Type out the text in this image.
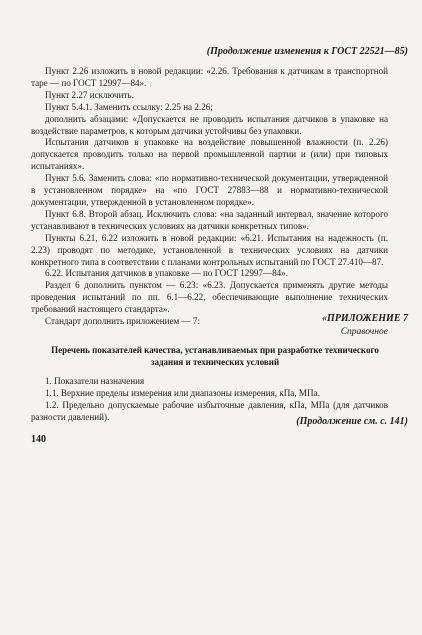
(Продолжение изменения к ГОСТ 22521—85)

Пункт 2.26 изложить в новой редакции: «2.26. Требования к датчикам в транспортной таре — по ГОСТ 12997—84».

Пункт 2.27 исключить.

Пункт 5.4.1. Заменить ссылку: 2.25 на 2.26;

дополнить абзацами: «Допускается не проводить испытания датчиков в упаковке на воздействие параметров, к которым датчики устойчивы без упаковки.

Испытания датчиков в упаковке на воздействие повышенной влажности (п. 2.26) допускается проводить только на первой промышленной партии и (или) при типовых испытаниях».

Пункт 5.6. Заменить слова: «по нормативно-технической документации, утвержденной в установленном порядке» на «по ГОСТ 27883—88 и нормативно-технической документации, утвержденной в установленном порядке».

Пункт 6.8. Второй абзац. Исключить слова: «на заданный интервал, значение которого устанавливают в технических условиях на датчики конкретных типов».

Пункты 6.21, 6.22 изложить в новой редакции: «6.21. Испытания на надежность (п. 2.23) проводят по методике, установленной в технических условиях на датчики конкретного типа в соответствии с планами контрольных испытаний по ГОСТ 27.410—87.

6.22. Испытания датчиков в упаковке — по ГОСТ 12997—84».

Раздел 6 дополнить пунктом — 6.23: «6.23. Допускается применять другие методы проведения испытаний по пп. 6.1—6.22, обеспечивающие выполнение технических требований настоящего стандарта».

Стандарт дополнить приложением — 7:	«ПРИЛОЖЕНИЕ 7
Справочное
Перечень показателей качества, устанавливаемых при разработке технического задания и технических условий

1. Показатели назначения

1.1. Верхние пределы измерения или диапазоны измерения, кПа, МПа.

1.2. Предельно допускаемые рабочие избыточные давления, кПа, МПа (для датчиков разности давлений).	(Продолжение см. с. 141)
140
